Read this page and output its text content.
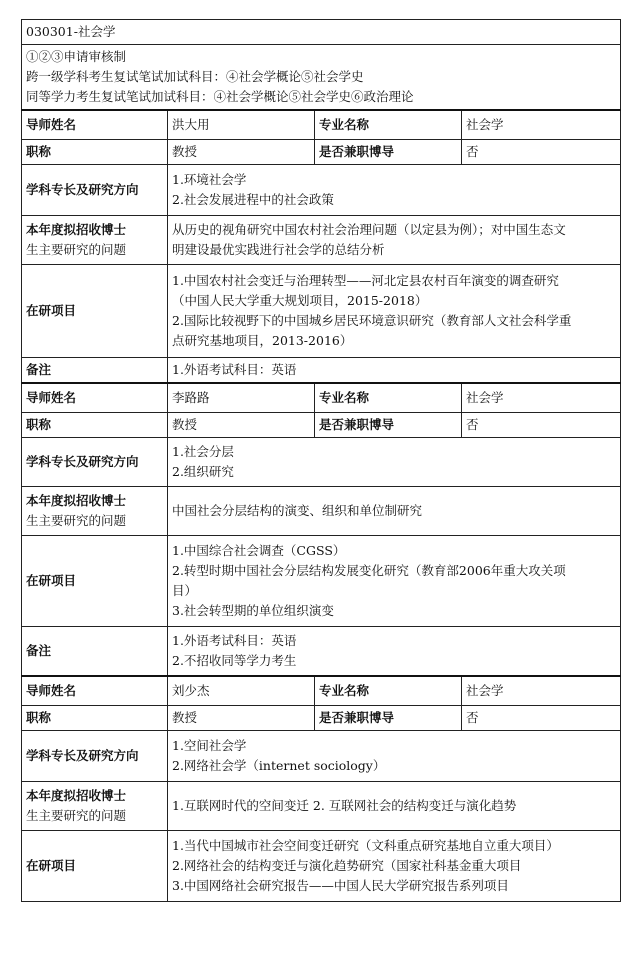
030301-社会学			

①②③申请审核制
跨一级学科考生复试笔试加试科目：④社会学概论⑤社会学史
同等学力考生复试笔试加试科目：④社会学概论⑤社会学史⑥政治理论			

导师姓名	洪大用	专业名称	社会学
职称	教授	是否兼职博导	否
学科专长及研究方向	1.环境社会学
2.社会发展进程中的社会政策		

本年度拟招收博士
生主要研究的问题	从历史的视角研究中国农村社会治理问题（以定县为例）；对中国生态文
明建设最优实践进行社会学的总结分析		

在研项目	1.中国农村社会变迁与治理转型——河北定县农村百年演变的调查研究
（中国人民大学重大规划项目，2015-2018）
2.国际比较视野下的中国城乡居民环境意识研究（教育部人文社会科学重
点研究基地项目，2013-2016）		

备注	1.外语考试科目：英语		

导师姓名	李路路	专业名称	社会学
职称	教授	是否兼职博导	否
学科专长及研究方向	1.社会分层
2.组织研究		

本年度拟招收博士
生主要研究的问题	中国社会分层结构的演变、组织和单位制研究		

在研项目	1.中国综合社会调查（CGSS）
2.转型时期中国社会分层结构发展变化研究（教育部2006年重大攻关项
目）
3.社会转型期的单位组织演变		

备注	1.外语考试科目：英语
2.不招收同等学力考生		

导师姓名	刘少杰	专业名称	社会学
职称	教授	是否兼职博导	否
学科专长及研究方向	1.空间社会学
2.网络社会学（internet sociology）		

本年度拟招收博士
生主要研究的问题	1.互联网时代的空间变迁 2. 互联网社会的结构变迁与演化趋势		

在研项目	1.当代中国城市社会空间变迁研究（文科重点研究基地自立重大项目）
2.网络社会的结构变迁与演化趋势研究（国家社科基金重大项目
3.中国网络社会研究报告——中国人民大学研究报告系列项目		
